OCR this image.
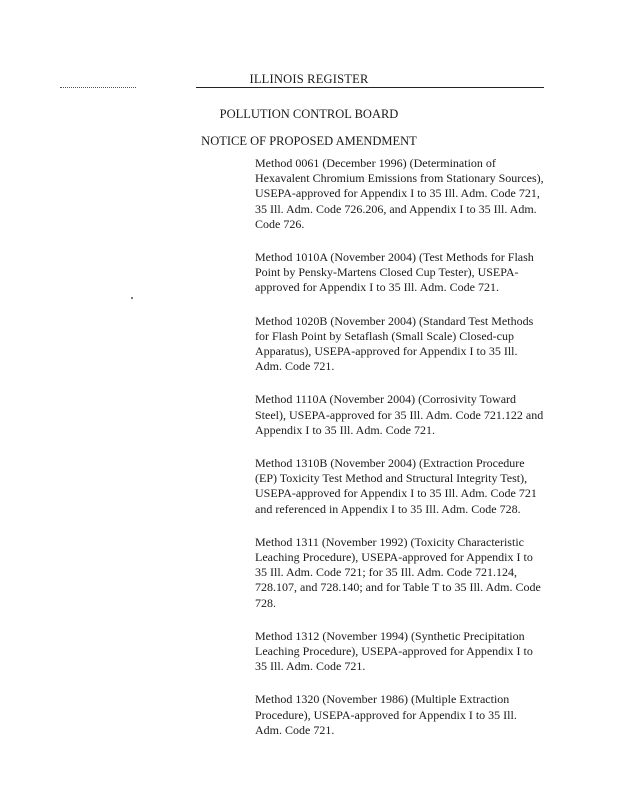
ILLINOIS REGISTER
POLLUTION CONTROL BOARD
NOTICE OF PROPOSED AMENDMENT
Method 0061 (December 1996) (Determination of Hexavalent Chromium Emissions from Stationary Sources), USEPA-approved for Appendix I to 35 Ill. Adm. Code 721, 35 Ill. Adm. Code 726.206, and Appendix I to 35 Ill. Adm. Code 726.
Method 1010A (November 2004) (Test Methods for Flash Point by Pensky-Martens Closed Cup Tester), USEPA-approved for Appendix I to 35 Ill. Adm. Code 721.
Method 1020B (November 2004) (Standard Test Methods for Flash Point by Setaflash (Small Scale) Closed-cup Apparatus), USEPA-approved for Appendix I to 35 Ill. Adm. Code 721.
Method 1110A (November 2004) (Corrosivity Toward Steel), USEPA-approved for 35 Ill. Adm. Code 721.122 and Appendix I to 35 Ill. Adm. Code 721.
Method 1310B (November 2004) (Extraction Procedure (EP) Toxicity Test Method and Structural Integrity Test), USEPA-approved for Appendix I to 35 Ill. Adm. Code 721 and referenced in Appendix I to 35 Ill. Adm. Code 728.
Method 1311 (November 1992) (Toxicity Characteristic Leaching Procedure), USEPA-approved for Appendix I to 35 Ill. Adm. Code 721; for 35 Ill. Adm. Code 721.124, 728.107, and 728.140; and for Table T to 35 Ill. Adm. Code 728.
Method 1312 (November 1994) (Synthetic Precipitation Leaching Procedure), USEPA-approved for Appendix I to 35 Ill. Adm. Code 721.
Method 1320 (November 1986) (Multiple Extraction Procedure), USEPA-approved for Appendix I to 35 Ill. Adm. Code 721.
